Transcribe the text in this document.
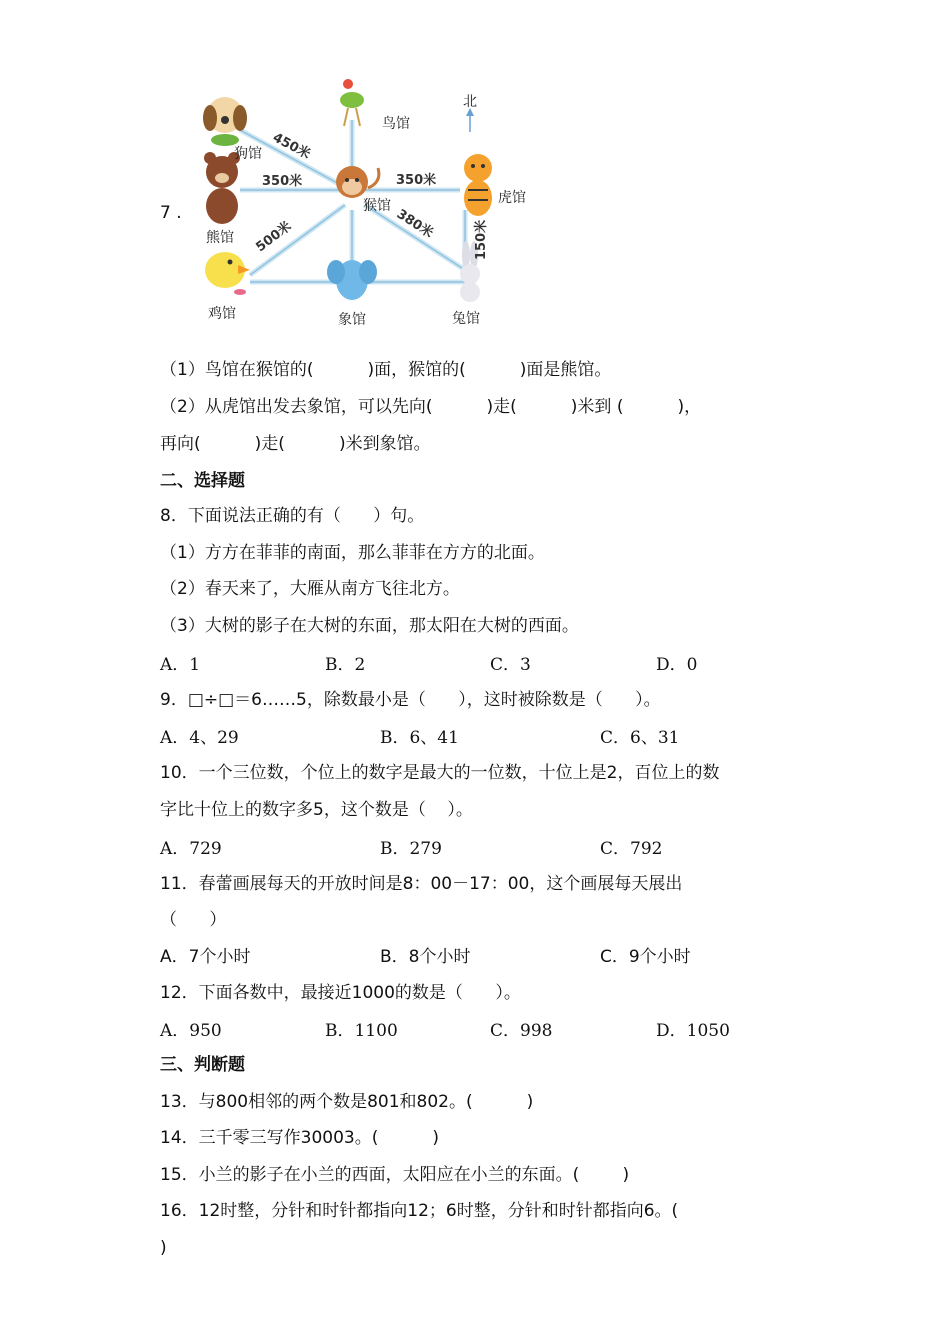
7 .
北
鸟馆
狗馆
熊馆
鸡馆
猴馆	虎馆
象馆	兔馆
450米
350米	350米
500米	380米	150米
（1）鸟馆在猴馆的(          )面，猴馆的(          )面是熊馆。
（2）从虎馆出发去象馆，可以先向(          )走(          )米到 (          )，
再向(          )走(          )米到象馆。
二、选择题
8．下面说法正确的有（      ）句。
（1）方方在菲菲的南面，那么菲菲在方方的北面。
（2）春天来了，大雁从南方飞往北方。
（3）大树的影子在大树的东面，那太阳在大树的西面。
A．1	B．2	C．3	D．0
9．□÷□＝6……5，除数最小是（      ），这时被除数是（      ）。
A．4、29	B．6、41	C．6、31
10．一个三位数，个位上的数字是最大的一位数，十位上是2，百位上的数
字比十位上的数字多5，这个数是（    ）。
A．729	B．279	C．792
11．春蕾画展每天的开放时间是8：00－17：00，这个画展每天展出
（      ）
A．7个小时	B．8个小时	C．9个小时
12．下面各数中，最接近1000的数是（      ）。
A．950	B．1100	C．998	D．1050
三、判断题
13．与800相邻的两个数是801和802。(          )
14．三千零三写作30003。(          )
15．小兰的影子在小兰的西面，太阳应在小兰的东面。(        )
16．12时整，分针和时针都指向12；6时整，分针和时针都指向6。(
)
